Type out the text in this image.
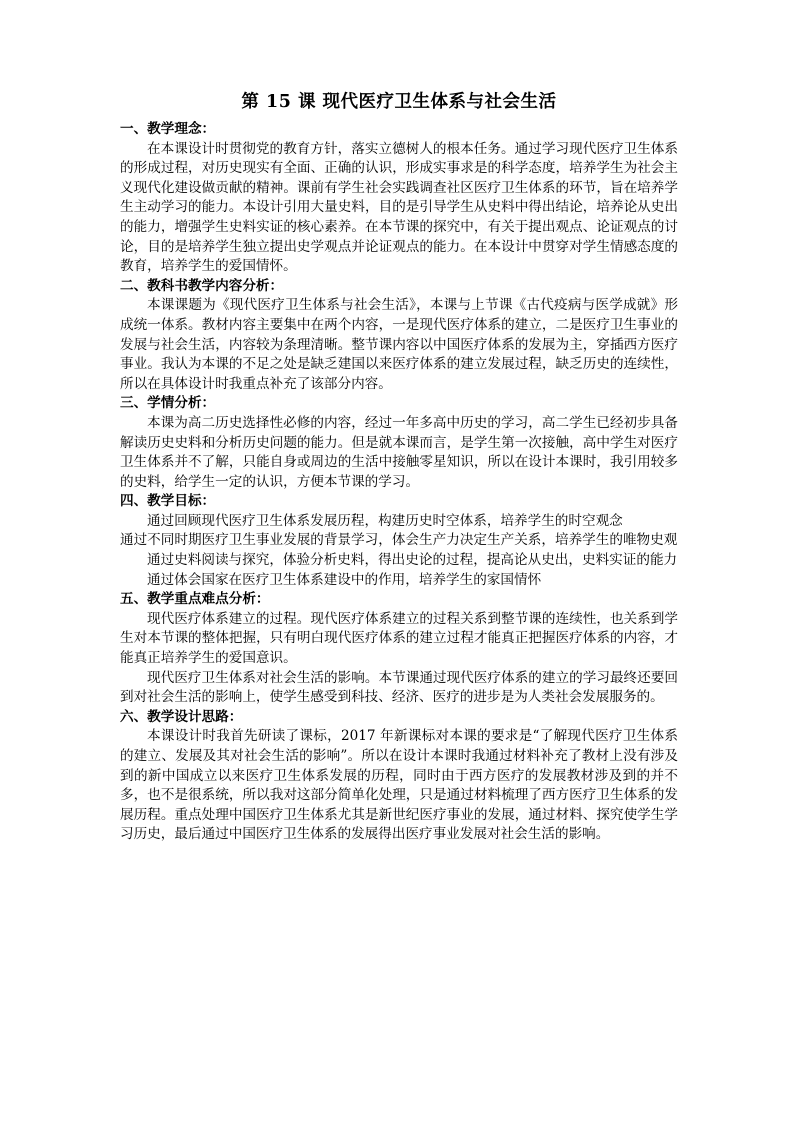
第 15 课 现代医疗卫生体系与社会生活

一、教学理念：

在本课设计时贯彻党的教育方针，落实立德树人的根本任务。通过学习现代医疗卫生体系的形成过程，对历史现实有全面、正确的认识，形成实事求是的科学态度，培养学生为社会主义现代化建设做贡献的精神。课前有学生社会实践调查社区医疗卫生体系的环节，旨在培养学生主动学习的能力。本设计引用大量史料，目的是引导学生从史料中得出结论，培养论从史出的能力，增强学生史料实证的核心素养。在本节课的探究中，有关于提出观点、论证观点的讨论，目的是培养学生独立提出史学观点并论证观点的能力。在本设计中贯穿对学生情感态度的教育，培养学生的爱国情怀。

二、教科书教学内容分析：

本课课题为《现代医疗卫生体系与社会生活》，本课与上节课《古代疫病与医学成就》形成统一体系。教材内容主要集中在两个内容，一是现代医疗体系的建立，二是医疗卫生事业的发展与社会生活，内容较为条理清晰。整节课内容以中国医疗体系的发展为主，穿插西方医疗事业。我认为本课的不足之处是缺乏建国以来医疗体系的建立发展过程，缺乏历史的连续性，所以在具体设计时我重点补充了该部分内容。

三、学情分析：

本课为高二历史选择性必修的内容，经过一年多高中历史的学习，高二学生已经初步具备解读历史史料和分析历史问题的能力。但是就本课而言，是学生第一次接触，高中学生对医疗卫生体系并不了解，只能自身或周边的生活中接触零星知识，所以在设计本课时，我引用较多的史料，给学生一定的认识，方便本节课的学习。

四、教学目标：

通过回顾现代医疗卫生体系发展历程，构建历史时空体系，培养学生的时空观念

通过不同时期医疗卫生事业发展的背景学习，体会生产力决定生产关系，培养学生的唯物史观

通过史料阅读与探究，体验分析史料，得出史论的过程，提高论从史出，史料实证的能力

通过体会国家在医疗卫生体系建设中的作用，培养学生的家国情怀

五、教学重点难点分析：

现代医疗体系建立的过程。现代医疗体系建立的过程关系到整节课的连续性，也关系到学生对本节课的整体把握，只有明白现代医疗体系的建立过程才能真正把握医疗体系的内容，才能真正培养学生的爱国意识。

现代医疗卫生体系对社会生活的影响。本节课通过现代医疗体系的建立的学习最终还要回到对社会生活的影响上，使学生感受到科技、经济、医疗的进步是为人类社会发展服务的。

六、教学设计思路：

本课设计时我首先研读了课标，2017 年新课标对本课的要求是“了解现代医疗卫生体系的建立、发展及其对社会生活的影响”。所以在设计本课时我通过材料补充了教材上没有涉及到的新中国成立以来医疗卫生体系发展的历程，同时由于西方医疗的发展教材涉及到的并不多，也不是很系统，所以我对这部分简单化处理，只是通过材料梳理了西方医疗卫生体系的发展历程。重点处理中国医疗卫生体系尤其是新世纪医疗事业的发展，通过材料、探究使学生学习历史，最后通过中国医疗卫生体系的发展得出医疗事业发展对社会生活的影响。
